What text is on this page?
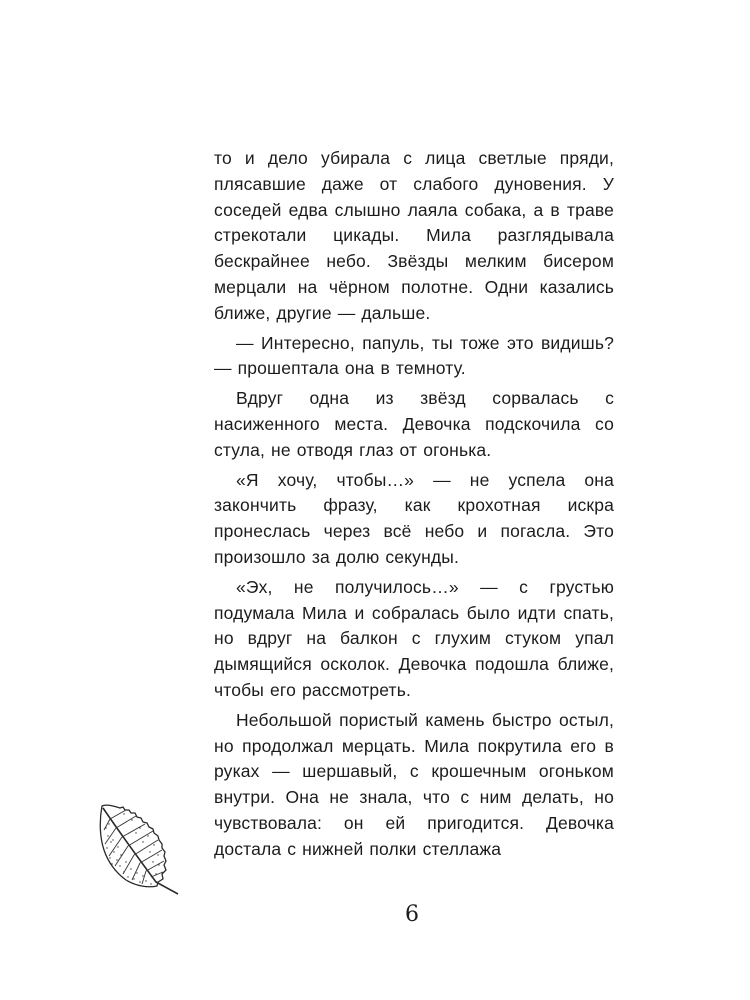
то и дело убирала с лица светлые пряди, плясавшие даже от слабого дуновения. У соседей едва слышно лаяла собака, а в траве стрекотали цикады. Мила разглядывала бескрайнее небо. Звёзды мелким бисером мерцали на чёрном полотне. Одни казались ближе, другие — дальше.

— Интересно, папуль, ты тоже это видишь? — прошептала она в темноту.

Вдруг одна из звёзд сорвалась с насиженного места. Девочка подскочила со стула, не отводя глаз от огонька.

«Я хочу, чтобы…» — не успела она закончить фразу, как крохотная искра пронеслась через всё небо и погасла. Это произошло за долю секунды.

«Эх, не получилось…» — с грустью подумала Мила и собралась было идти спать, но вдруг на балкон с глухим стуком упал дымящийся осколок. Девочка подошла ближе, чтобы его рассмотреть.

Небольшой пористый камень быстро остыл, но продолжал мерцать. Мила покрутила его в руках — шершавый, с крошечным огоньком внутри. Она не знала, что с ним делать, но чувствовала: он ей пригодится. Девочка достала с нижней полки стеллажа

6
